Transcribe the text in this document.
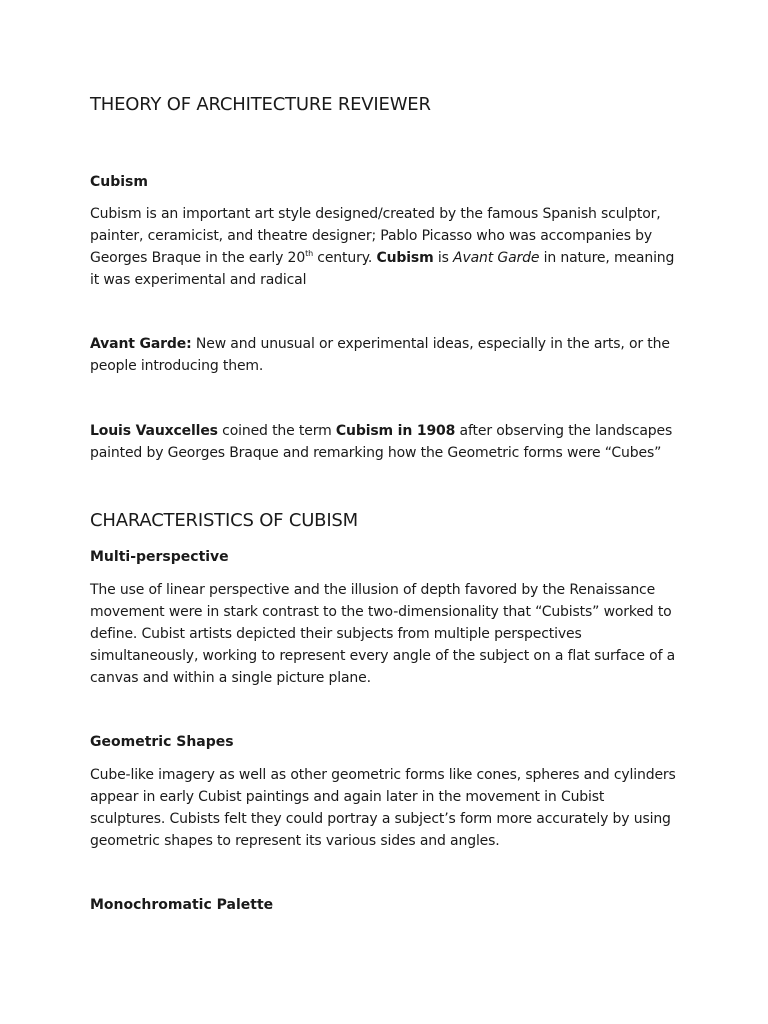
THEORY OF ARCHITECTURE REVIEWER
Cubism

Cubism is an important art style designed/created by the famous Spanish sculptor, painter, ceramicist, and theatre designer; Pablo Picasso who was accompanies by Georges Braque in the early 20th century. Cubism is Avant Garde in nature, meaning it was experimental and radical

Avant Garde: New and unusual or experimental ideas, especially in the arts, or the people introducing them.

Louis Vauxcelles coined the term Cubism in 1908 after observing the landscapes painted by Georges Braque and remarking how the Geometric forms were “Cubes”

CHARACTERISTICS OF CUBISM
Multi-perspective

The use of linear perspective and the illusion of depth favored by the Renaissance movement were in stark contrast to the two-dimensionality that “Cubists” worked to define. Cubist artists depicted their subjects from multiple perspectives simultaneously, working to represent every angle of the subject on a flat surface of a canvas and within a single picture plane.

Geometric Shapes

Cube-like imagery as well as other geometric forms like cones, spheres and cylinders appear in early Cubist paintings and again later in the movement in Cubist sculptures. Cubists felt they could portray a subject’s form more accurately by using geometric shapes to represent its various sides and angles.

Monochromatic Palette
